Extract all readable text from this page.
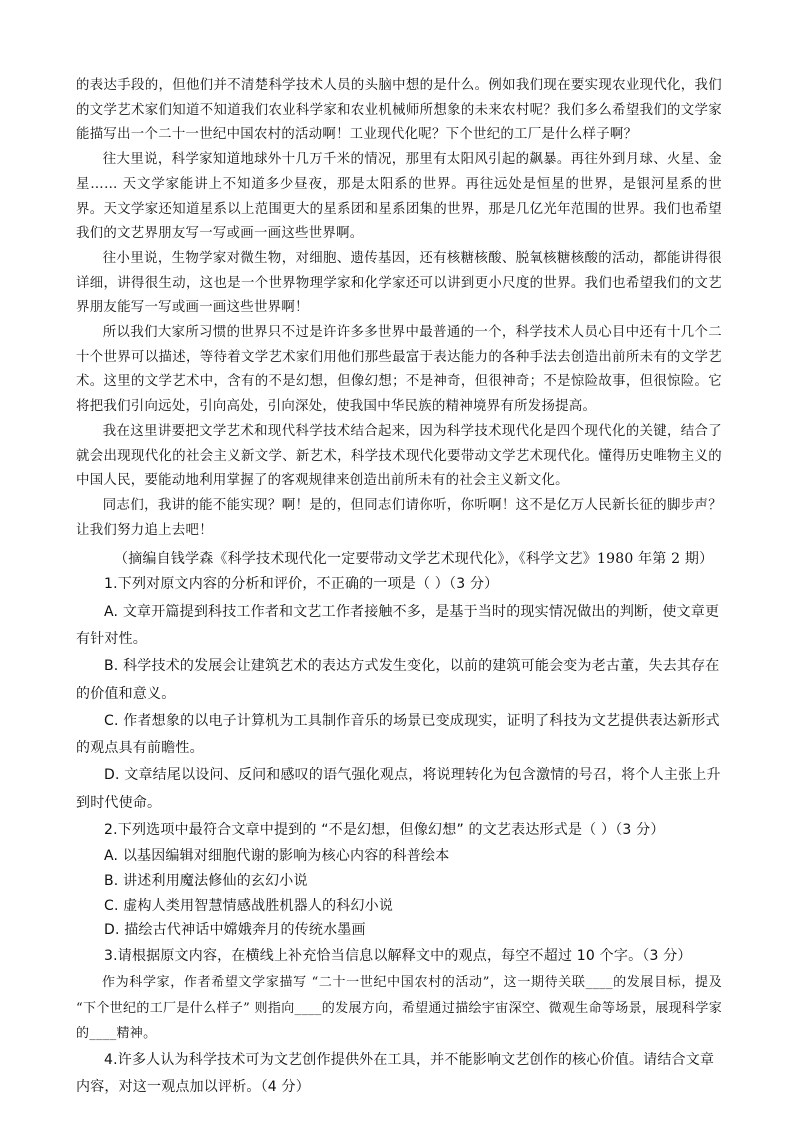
的表达手段的，但他们并不清楚科学技术人员的头脑中想的是什么。例如我们现在要实现农业现代化，我们的文学艺术家们知道不知道我们农业科学家和农业机械师所想象的未来农村呢？我们多么希望我们的文学家能描写出一个二十一世纪中国农村的活动啊！工业现代化呢？下个世纪的工厂是什么样子啊？

往大里说，科学家知道地球外十几万千米的情况，那里有太阳风引起的飙暴。再往外到月球、火星、金星…… 天文学家能讲上不知道多少昼夜，那是太阳系的世界。再往远处是恒星的世界，是银河星系的世界。天文学家还知道星系以上范围更大的星系团和星系团集的世界，那是几亿光年范围的世界。我们也希望我们的文艺界朋友写一写或画一画这些世界啊。

往小里说，生物学家对微生物，对细胞、遗传基因，还有核糖核酸、脱氧核糖核酸的活动，都能讲得很详细，讲得很生动，这也是一个世界物理学家和化学家还可以讲到更小尺度的世界。我们也希望我们的文艺界朋友能写一写或画一画这些世界啊！

所以我们大家所习惯的世界只不过是许许多多世界中最普通的一个，科学技术人员心目中还有十几个二十个世界可以描述，等待着文学艺术家们用他们那些最富于表达能力的各种手法去创造出前所未有的文学艺术。这里的文学艺术中，含有的不是幻想，但像幻想；不是神奇，但很神奇；不是惊险故事，但很惊险。它将把我们引向远处，引向高处，引向深处，使我国中华民族的精神境界有所发扬提高。

我在这里讲要把文学艺术和现代科学技术结合起来，因为科学技术现代化是四个现代化的关键，结合了就会出现现代化的社会主义新文学、新艺术，科学技术现代化要带动文学艺术现代化。懂得历史唯物主义的中国人民，要能动地利用掌握了的客观规律来创造出前所未有的社会主义新文化。

同志们，我讲的能不能实现？啊！是的，但同志们请你听，你听啊！这不是亿万人民新长征的脚步声？让我们努力追上去吧！

（摘编自钱学森《科学技术现代化一定要带动文学艺术现代化》，《科学文艺》1980 年第 2 期）

1.下列对原文内容的分析和评价，不正确的一项是（ ）（3 分）

A. 文章开篇提到科技工作者和文艺工作者接触不多，是基于当时的现实情况做出的判断，使文章更有针对性。

B. 科学技术的发展会让建筑艺术的表达方式发生变化，以前的建筑可能会变为老古董，失去其存在的价值和意义。

C. 作者想象的以电子计算机为工具制作音乐的场景已变成现实，证明了科技为文艺提供表达新形式的观点具有前瞻性。

D. 文章结尾以设问、反问和感叹的语气强化观点，将说理转化为包含激情的号召，将个人主张上升到时代使命。

2.下列选项中最符合文章中提到的 “不是幻想，但像幻想” 的文艺表达形式是（ ）（3 分）

A. 以基因编辑对细胞代谢的影响为核心内容的科普绘本

B. 讲述利用魔法修仙的玄幻小说

C. 虚构人类用智慧情感战胜机器人的科幻小说

D. 描绘古代神话中嫦娥奔月的传统水墨画

3.请根据原文内容，在横线上补充恰当信息以解释文中的观点，每空不超过 10 个字。（3 分）

作为科学家，作者希望文学家描写 “二十一世纪中国农村的活动”，这一期待关联____的发展目标，提及 “下个世纪的工厂是什么样子” 则指向____的发展方向，希望通过描绘宇宙深空、微观生命等场景，展现科学家的____精神。

4.许多人认为科学技术可为文艺创作提供外在工具，并不能影响文艺创作的核心价值。请结合文章内容，对这一观点加以评析。（4 分）
